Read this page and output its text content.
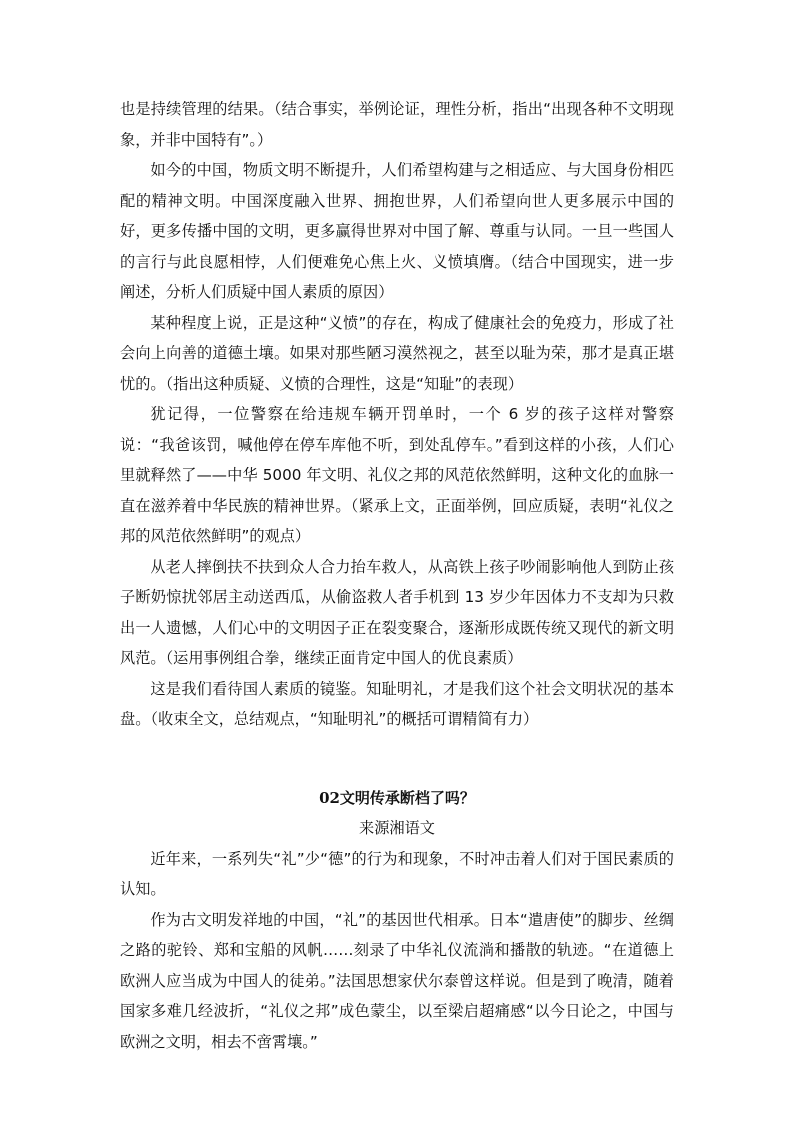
也是持续管理的结果。（结合事实，举例论证，理性分析，指出“出现各种不文明现象，并非中国特有”。）

如今的中国，物质文明不断提升，人们希望构建与之相适应、与大国身份相匹配的精神文明。中国深度融入世界、拥抱世界，人们希望向世人更多展示中国的好，更多传播中国的文明，更多赢得世界对中国了解、尊重与认同。一旦一些国人的言行与此良愿相悖，人们便难免心焦上火、义愤填膺。（结合中国现实，进一步阐述，分析人们质疑中国人素质的原因）

某种程度上说，正是这种“义愤”的存在，构成了健康社会的免疫力，形成了社会向上向善的道德土壤。如果对那些陋习漠然视之，甚至以耻为荣，那才是真正堪忧的。（指出这种质疑、义愤的合理性，这是“知耻”的表现）

犹记得，一位警察在给违规车辆开罚单时，一个 6 岁的孩子这样对警察说：“我爸该罚，喊他停在停车库他不听，到处乱停车。”看到这样的小孩，人们心里就释然了——中华 5000 年文明、礼仪之邦的风范依然鲜明，这种文化的血脉一直在滋养着中华民族的精神世界。（紧承上文，正面举例，回应质疑，表明“礼仪之邦的风范依然鲜明”的观点）

从老人摔倒扶不扶到众人合力抬车救人，从高铁上孩子吵闹影响他人到防止孩子断奶惊扰邻居主动送西瓜，从偷盗救人者手机到 13 岁少年因体力不支却为只救出一人遗憾，人们心中的文明因子正在裂变聚合，逐渐形成既传统又现代的新文明风范。（运用事例组合拳，继续正面肯定中国人的优良素质）

这是我们看待国人素质的镜鉴。知耻明礼，才是我们这个社会文明状况的基本盘。（收束全文，总结观点，“知耻明礼”的概括可谓精简有力）

02文明传承断档了吗？

来源湘语文

近年来，一系列失“礼”少“德”的行为和现象，不时冲击着人们对于国民素质的认知。

作为古文明发祥地的中国，“礼”的基因世代相承。日本“遣唐使”的脚步、丝绸之路的驼铃、郑和宝船的风帆……刻录了中华礼仪流淌和播散的轨迹。“在道德上欧洲人应当成为中国人的徒弟。”法国思想家伏尔泰曾这样说。但是到了晚清，随着国家多难几经波折，“礼仪之邦”成色蒙尘，以至梁启超痛感“以今日论之，中国与欧洲之文明，相去不啻霄壤。”
